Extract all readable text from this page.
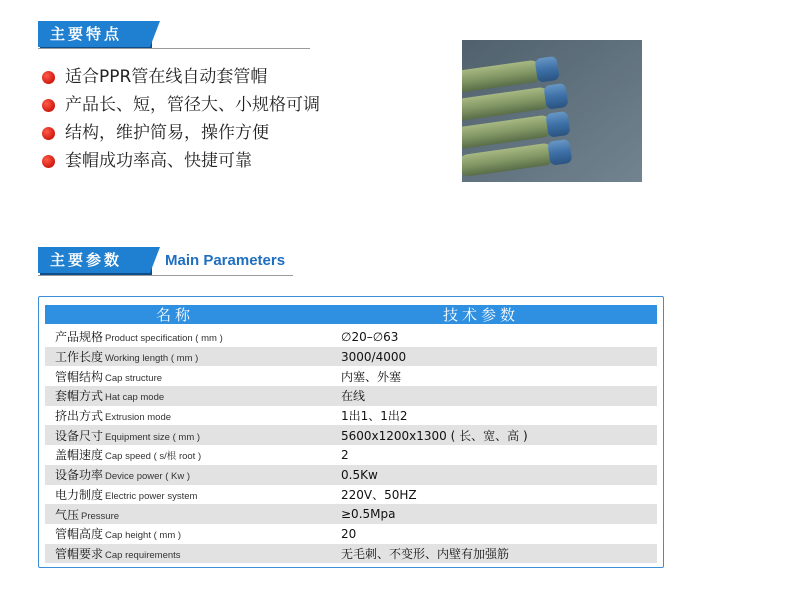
主要特点
适合PPR管在线自动套管帽
产品长、短，管径大、小规格可调
结构，维护简易，操作方便
套帽成功率高、快捷可靠
主要参数	Main Parameters
名称	技术参数
产品规格 Product specification ( mm )	∅20–∅63
工作长度 Working length ( mm )	3000/4000
管帽结构 Cap structure	内塞、外塞
套帽方式 Hat cap mode	在线
挤出方式 Extrusion mode	1出1、1出2
设备尺寸 Equipment size ( mm )	5600x1200x1300 ( 长、宽、高 )
盖帽速度 Cap speed ( s/根 root )	2
设备功率 Device power ( Kw )	0.5Kw
电力制度 Electric power system	220V、50HZ
气压 Pressure	≥0.5Mpa
管帽高度 Cap height ( mm )	20
管帽要求 Cap requirements	无毛刺、不变形、内壁有加强筋
